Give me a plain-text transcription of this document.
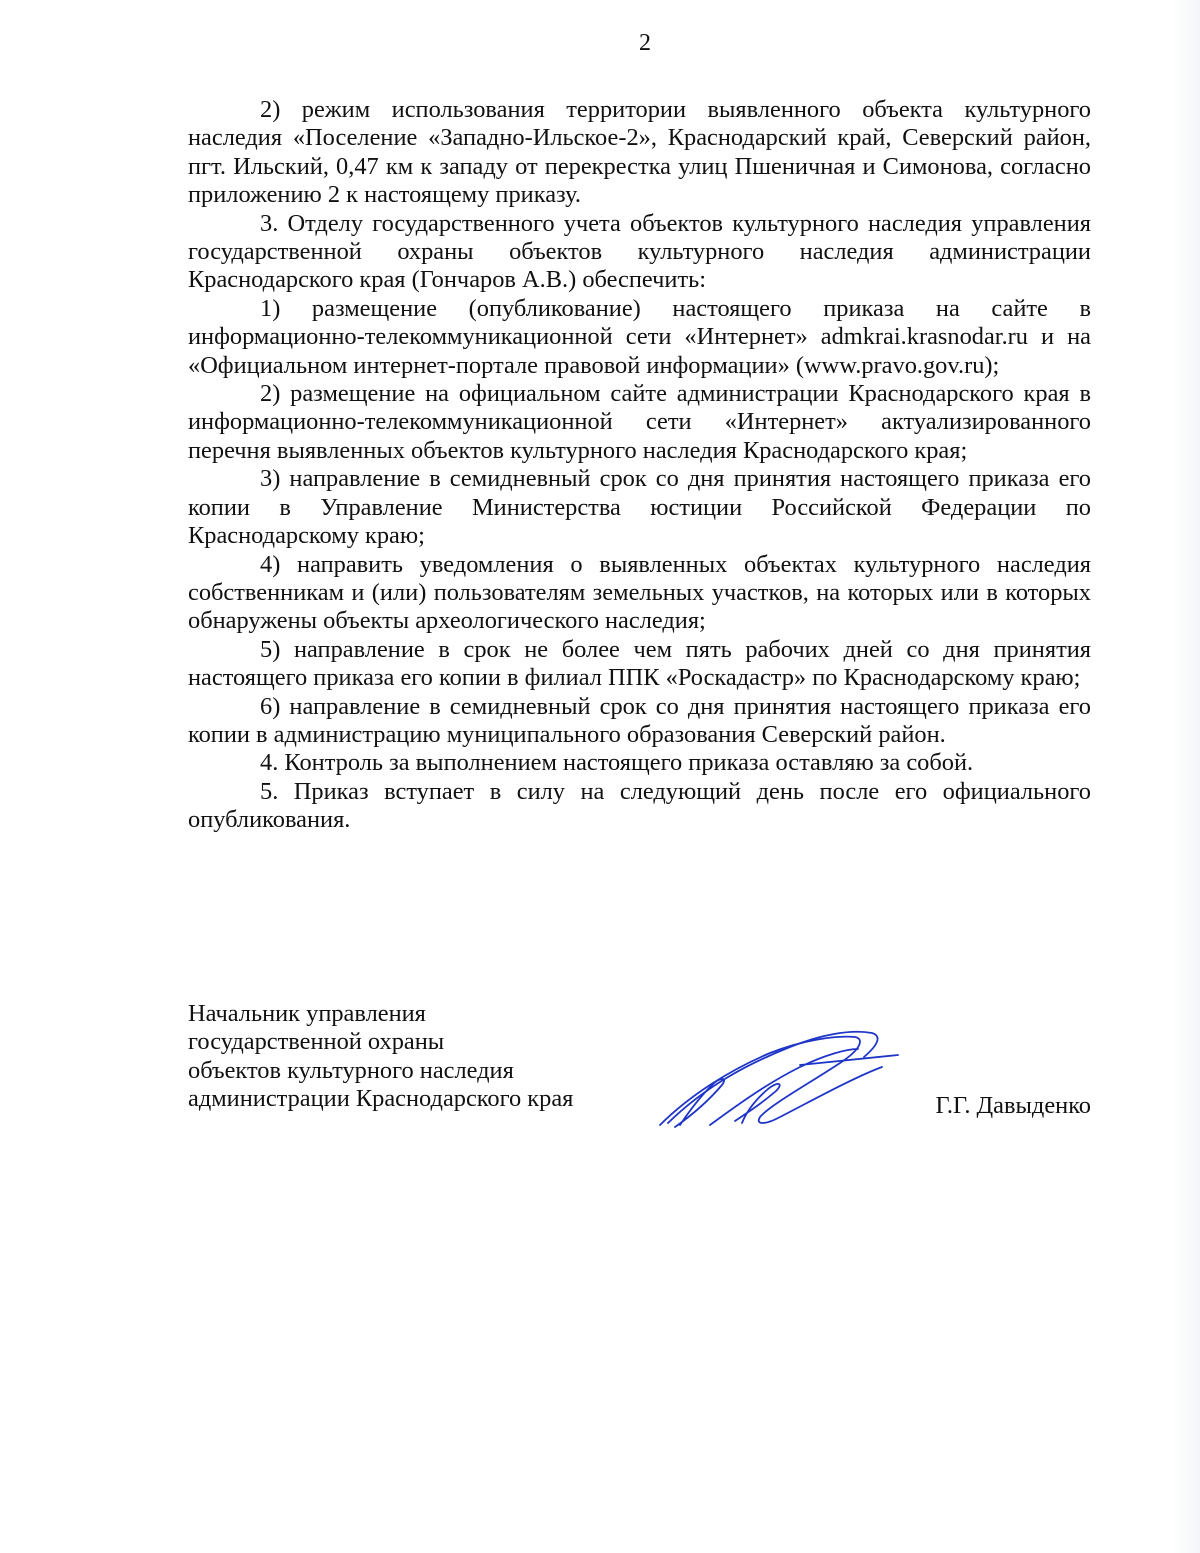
2

2) режим использования территории выявленного объекта культурного наследия «Поселение «Западно-Ильское-2», Краснодарский край, Северский район, пгт. Ильский, 0,47 км к западу от перекрестка улиц Пшеничная и Симонова, согласно приложению 2 к настоящему приказу.

3. Отделу государственного учета объектов культурного наследия управления государственной охраны объектов культурного наследия администрации Краснодарского края (Гончаров А.В.) обеспечить:

1) размещение (опубликование) настоящего приказа на сайте в информационно-телекоммуникационной сети «Интернет» admkrai.krasnodar.ru и на «Официальном интернет-портале правовой информации» (www.pravo.gov.ru);

2) размещение на официальном сайте администрации Краснодарского края в информационно-телекоммуникационной сети «Интернет» актуализированного перечня выявленных объектов культурного наследия Краснодарского края;

3) направление в семидневный срок со дня принятия настоящего приказа его копии в Управление Министерства юстиции Российской Федерации по Краснодарскому краю;

4) направить уведомления о выявленных объектах культурного наследия собственникам и (или) пользователям земельных участков, на которых или в которых обнаружены объекты археологического наследия;

5) направление в срок не более чем пять рабочих дней со дня принятия настоящего приказа его копии в филиал ППК «Роскадастр» по Краснодарскому краю;

6) направление в семидневный срок со дня принятия настоящего приказа его копии в администрацию муниципального образования Северский район.

4. Контроль за выполнением настоящего приказа оставляю за собой.

5. Приказ вступает в силу на следующий день после его официального опубликования.

Начальник управления
государственной охраны
объектов культурного наследия
администрации Краснодарского края	Г.Г. Давыденко
